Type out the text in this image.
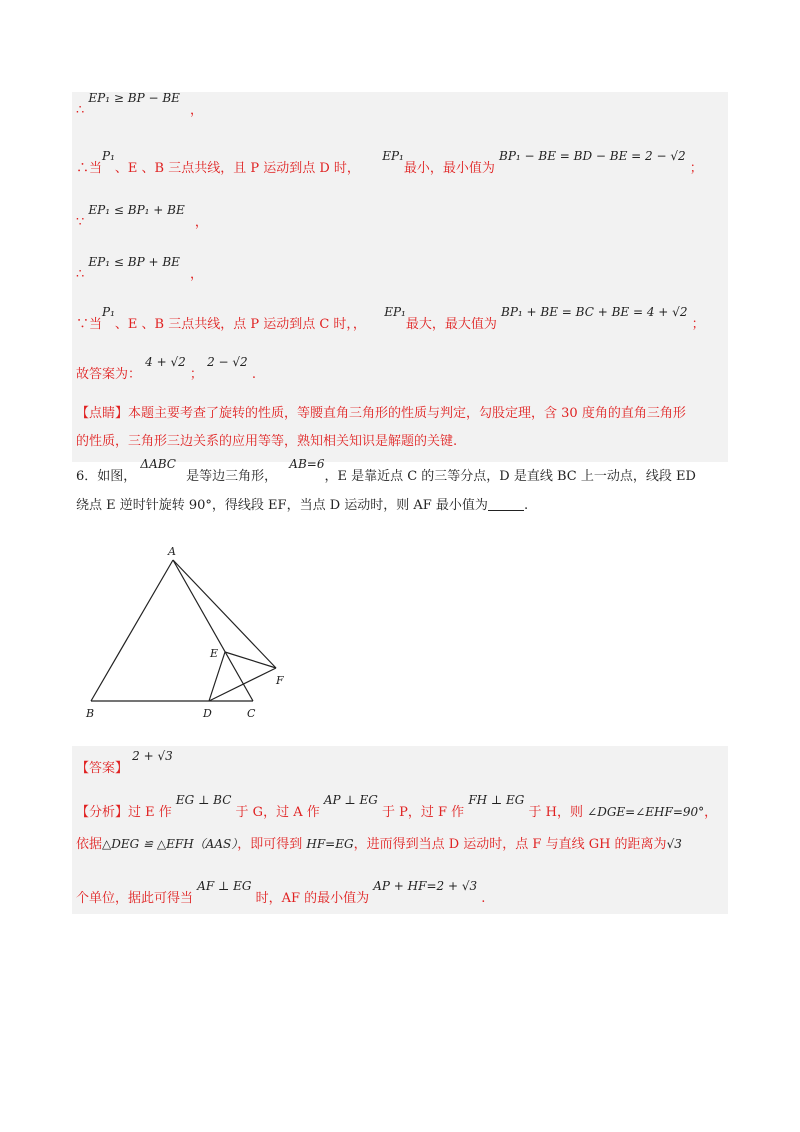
∴ EP₁ ≥ BP − BE ，
∴当P₁、E 、B 三点共线，且 P 运动到点 D 时，  EP₁最小，最小值为 BP₁ − BE = BD − BE = 2 − √2 ；
∵ EP₁ ≤ BP₁ + BE ，
∴ EP₁ ≤ BP + BE ，
∵当P₁、E 、B 三点共线，点 P 运动到点 C 时，，  EP₁最大，最大值为 BP₁ + BE = BC + BE = 4 + √2 ；
故答案为： 4 + √2 ； 2 − √2 .
【点睛】本题主要考查了旋转的性质，等腰直角三角形的性质与判定，勾股定理，含 30 度角的直角三角形
的性质，三角形三边关系的应用等等，熟知相关知识是解题的关键.
6．如图， ΔABC 是等边三角形， AB=6，E 是靠近点 C 的三等分点，D 是直线 BC 上一动点，线段 ED
绕点 E 逆时针旋转 90°，得线段 EF，当点 D 运动时，则 AF 最小值为	.
A
B	C
D
E
F
【答案】 2 + √3
【分析】过 E 作 EG ⊥ BC 于 G，过 A 作 AP ⊥ EG 于 P，过 F 作 FH ⊥ EG 于 H，则 ∠DGE=∠EHF=90°，
依据△DEG ≌ △EFH（AAS），即可得到 HF=EG，进而得到当点 D 运动时，点 F 与直线 GH 的距离为√3
个单位，据此可得当 AF ⊥ EG 时，AF 的最小值为 AP + HF=2 + √3 .
